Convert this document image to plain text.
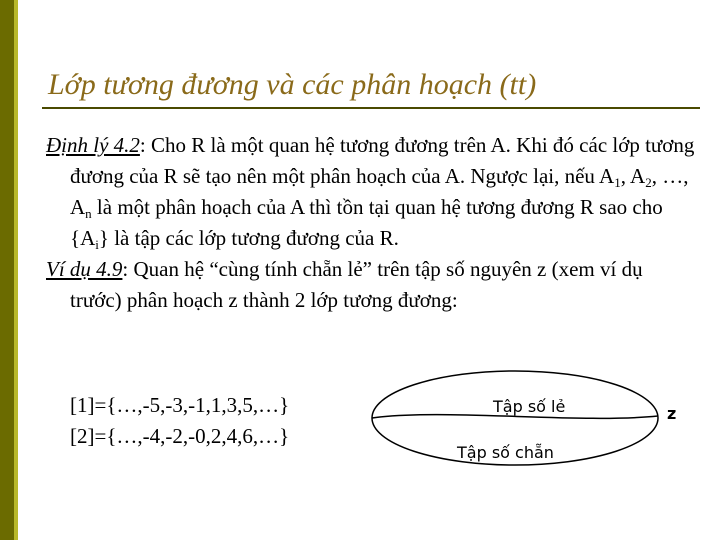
Lớp tương đương và các phân hoạch (tt)

Định lý 4.2: Cho R là một quan hệ tương đương trên A. Khi đó các lớp tương đương của R sẽ tạo nên một phân hoạch của A. Ngược lại, nếu $A_1$, $A_2$, …, $A_n$ là một phân hoạch của A thì tồn tại quan hệ tương đương R sao cho $\{A_i\}$ là tập các lớp tương đương của R.

Ví dụ 4.9: Quan hệ “cùng tính chẵn lẻ” trên tập số nguyên z (xem ví dụ trước) phân hoạch z thành 2 lớp tương đương:

[1]={…,-5,-3,-1,1,3,5,…}
[2]={…,-4,-2,-0,2,4,6,…}
Tập số lẻ
Tập số chẵn
z
